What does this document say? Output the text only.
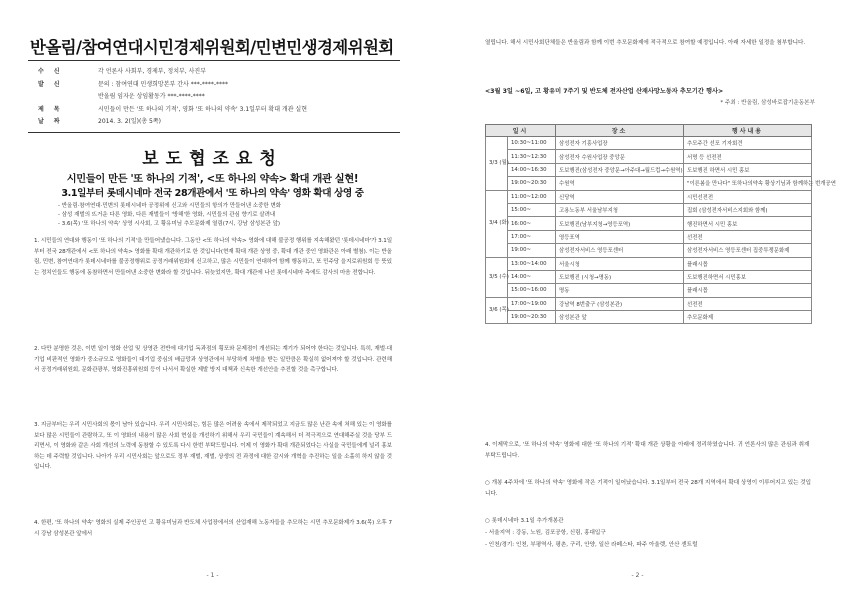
반올림/참여연대시민경제위원회/민변민생경제위원회
수신	각 언론사 사회부, 경제부, 정치부, 사진부
발신	문의 : 참여연대 민생희망본부 간사 ***-****-****
반올림 임자운 상임활동가 ***-****-****
제목	시민들이 만든 '또 하나의 기적', 영화 '또 하나의 약속' 3.1일부터 확대 개관 실현
날짜	2014. 3. 2(일)(총 5쪽)
보도협조요청
시민들이 만든 '또 하나의 기적', <또 하나의 약속> 확대 개관 실현!
3.1일부터 롯데시네마 전국 28개관에서 '또 하나의 약속' 영화 확대 상영 중
- 반올림·참여연대·민변의 롯데시네마 공정위에 신고와 시민들의 항의가 만들어낸 소중한 변화
- 삼성 재벌의 뜨거운 다른 영화, 다른 재벌들이 '방해'한 영화, 시민들의 관심 향기로 살려내
- 3.6(목) '또 하나의 약속' 상영 시사회, 고 황유미님 추모문화제 열림(7시, 강남 삼성본관 앞)
1. 시민들의 연대와 행동이 '또 하나의 기적'을 만들어냈습니다. 그동안 <또 하나의 약속> 영화에 대해 불공정 행위를 지속해왔던 '롯데시네마'가 3.1일부터 전국 28개관에서 <또 하나의 약속> 영화를 확대 개관하기로 한 것입니다(현재 확대 개관 상영 중, 확대 개관 중인 영화관은 아래 별첨). 이는 반올림, 민변, 참여연대가 롯데시네마를 불공정행위로 공정거래위원회에 신고하고, 많은 시민들이 연대하여 함께 행동하고, 또 민주당 을지로위원회 등 뜻있는 정치인들도 행동에 동참하면서 만들어낸 소중한 변화라 할 것입니다. 뒤늦었지만, 확대 개관에 나선 롯데시네마 측에도 감사의 마음 전합니다.
2. 다만 분명한 것은, 이번 일이 영화 산업 및 상영관 전반에 대기업 독과점의 횡포와 문제점이 개선되는 계기가 되어야 한다는 것입니다. 특히, 재벌·대기업 비판적인 영화가 중소규모로 영화들이 대기업 중심의 배급망과 상영관에서 부당하게 차별을 받는 일만큼은 확실히 없어져야 할 것입니다. 관련해서 공정거래위원회, 문화관광부, 영화진흥위원회 등이 나서서 확실한 제발 방지 대책과 신속한 개선안을 추진할 것을 촉구합니다.
3. 지금부터는 우리 시민사회의 몫이 남아 있습니다. 우리 시민사회는, 힘든 많은 어려움 속에서 제작되었고 지금도 많은 난관 속에 처해 있는 이 영화를 보다 많은 시민들이 관람하고, 또 이 영화의 내용이 많은 사회 현실을 개선하기 위해서 우리 국민들이 계속해서 더 적극적으로 연대해주실 것을 당부 드리면서, 이 영화와 같은 사회 개선의 노력에 동참할 수 있도록 다시 한번 부탁드립니다. 이제 이 영화가 확대 개관되었다는 사실을 국민들에게 널리 홍보하는 데 주력할 것입니다. 나아가 우리 시민사회는 앞으로도 정부 재벌, 재벌, 상생의 전 과정에 대한 감시와 개혁을 추진하는 일을 소홀히 하지 않을 것입니다.
4. 한편, '또 하나의 약속' 영화의 실제 주인공인 고 황유미님과 반도체 사업장에서의 산업재해 노동자들을 추모하는 시민 추모문화제가 3.6(목) 오후 7시 강남 삼성본관 앞에서
- 1 -
열립니다. 해서 시민사회단체들은 반올림과 함께 이번 추모문화제에 적극적으로 참여할 예정입니다. 아래 자세한 일정을 첨부합니다.
<3월 3일 ~6일, 고 황유미 7주기 및 반도체 전자산업 산재사망노동자 추모기간 행사>
* 주최 : 반올림, 삼성바로잡기운동본부
일시		장소	행사내용
3/3 (월)	10:30~11:00	삼성전자 기흥사업장	추모주간 선포 기자회견
	11:30~12:30	삼성전자 수원사업장 중앙문	서명 등 선전전
	14:00~16:30	도보행진(삼성전자 중앙문→아주대→월드컵→수원역)	도보행진 하면서 시민 홍보
	19:00~20:30	수원역	"이른봄을 만나다" 또하나의약속 황상기님과 함께하는 번개공연
3/4 (화)	11:00~12:00	신당역	시민선전전
	15:00~	고용노동부 서울남부지청	집회 (삼성전자서비스지회와 함께)
	16:00~	도보행진(남부지청→영등포역)	행진하면서 시민 홍보
	17:00~	영등포역	선전전
	19:00~	삼성전자서비스 영등포센터	삼성전자서비스 영등포센터 집중투쟁문화제
3/5 (수)	13:00~14:00	서울시청	플래시몹
	14:00~	도보행진 (시청→명동)	도보행진하면서 시민홍보
	15:00~16:00	명동	플래시몹
3/6 (목)	17:00~19:00	강남역 8번출구 (삼성본관)	선전전
	19:00~20:30	삼성본관 앞	추모문화제
4. 이제막으로, '또 하나의 약속' 영화에 대한 '또 하나의 기적' 확대 개관 상황을 아래에 정리하였습니다. 귀 언론사의 많은 관심과 취재 부탁드립니다.
○ 개봉 4주차에 '또 하나의 약속' 영화에 작은 기적이 일어났습니다. 3.1일부터 전국 28개 지역에서 확대 상영이 이루어지고 있는 것입니다.
○ 롯데시네마 3.1일 추가개봉관
- 서울지역 : 강동, 노원, 김포공항, 신림, 홍대입구
- 인천/경기: 인천, 부평역사, 평촌, 구리, 안양, 일산 라페스타, 파주 아울렛, 안산 센트럴
- 2 -
